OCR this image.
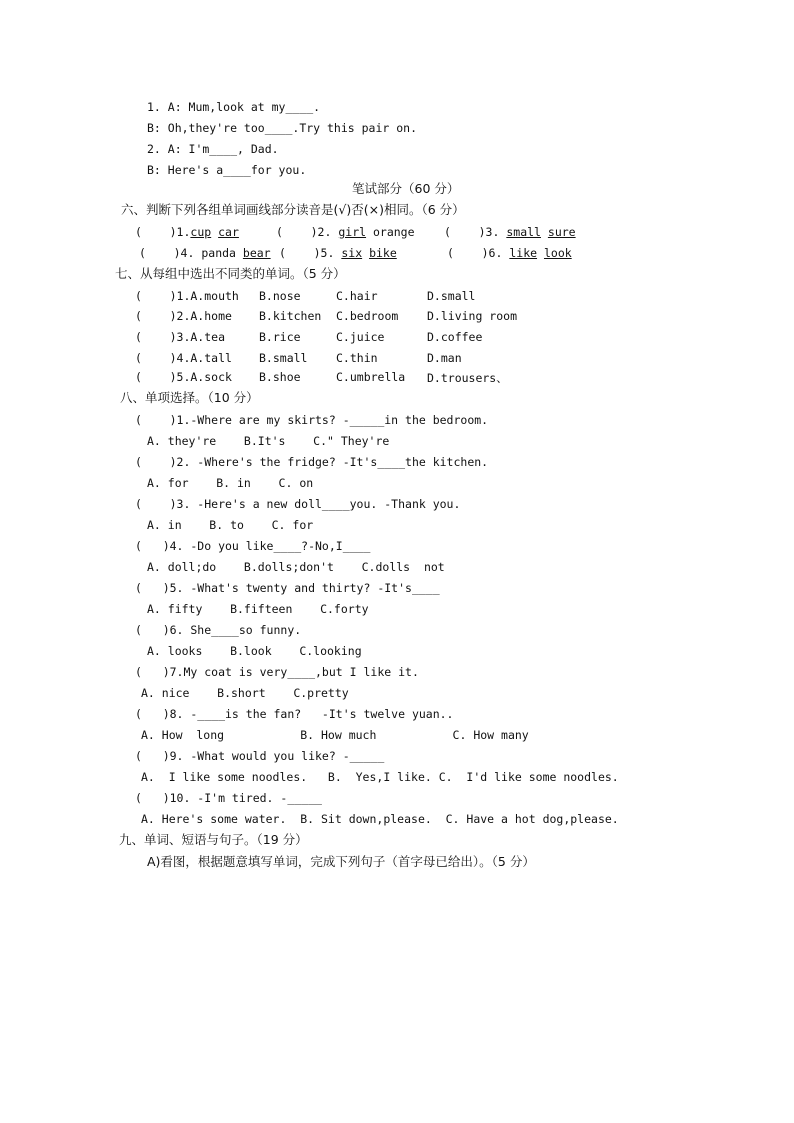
1. A: Mum,look at my____.
B: Oh,they're too____.Try this pair on.
2. A: I'm____, Dad.
B: Here's a____for you.
笔试部分（60 分）
六、判断下列各组单词画线部分读音是(√)否(×)相同。（6 分）
(    )1.cup car	(    )2. girl orange	(    )3. small sure
(    )4. panda bear (    )5. six bike	(    )6. like look
七、从每组中选出不同类的单词。（5 分）
(    )1.A.mouth B.nose	C.hair	D.small
(    )2.A.home B.kitchen C.bedroom D.living room
(    )3.A.tea	B.rice	C.juice	D.coffee
(    )4.A.tall B.small C.thin	D.man
(    )5.A.sock B.shoe	C.umbrella D.trousers、
八、单项选择。（10 分）
(    )1.-Where are my skirts? -_____in the bedroom.
A. they're    B.It's    C." They're
(    )2. -Where's the fridge? -It's____the kitchen.
A. for    B. in    C. on
(    )3. -Here's a new doll____you. -Thank you.
A. in    B. to    C. for
(   )4. -Do you like____?-No,I____
A. doll;do    B.dolls;don't    C.dolls  not
(   )5. -What's twenty and thirty? -It's____
A. fifty    B.fifteen    C.forty
(   )6. She____so funny.
A. looks    B.look    C.looking
(   )7.My coat is very____,but I like it.
A. nice    B.short    C.pretty
(   )8. -____is the fan?   -It's twelve yuan..
A. How  long           B. How much           C. How many
(   )9. -What would you like? -_____
A.  I like some noodles.   B.  Yes,I like. C.  I'd like some noodles.
(   )10. -I'm tired. -_____
A. Here's some water.  B. Sit down,please.  C. Have a hot dog,please.
九、单词、短语与句子。（19 分）
A)看图，根据题意填写单词，完成下列句子（首字母已给出）。（5 分）
